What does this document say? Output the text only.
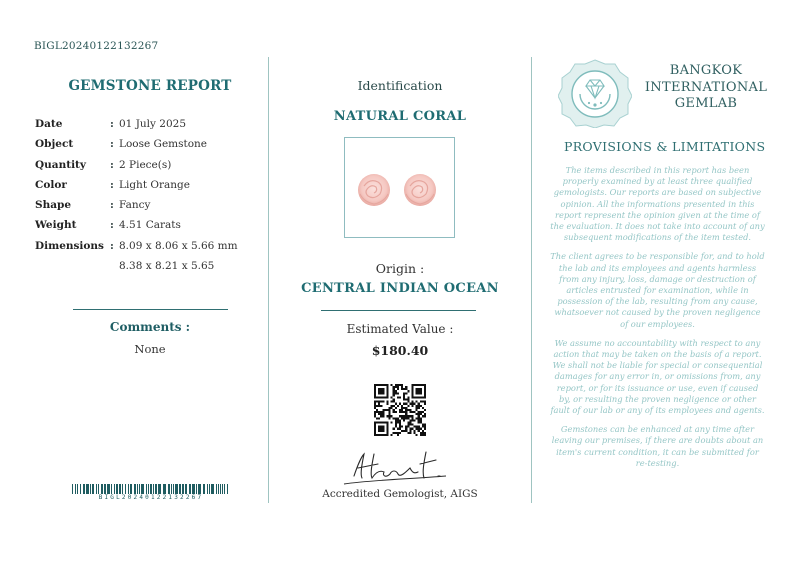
BIGL20240122132267
GEMSTONE REPORT
Date	: 01 July 2025
Object	: Loose Gemstone
Quantity : 2 Piece(s)
Color	: Light Orange
Shape	: Fancy
Weight	: 4.51 Carats
Dimensions : 8.09 x 8.06 x 5.66 mm
8.38 x 8.21 x 5.65
Comments :
None
BIGL20240122132267
Identification
NATURAL CORAL
Origin :
CENTRAL INDIAN OCEAN
Estimated Value :
$180.40
Accredited Gemologist, AIGS
BANGKOK
INTERNATIONAL
GEMLAB
PROVISIONS & LIMITATIONS

The items described in this report has been properly examined by at least three qualified gemologists. Our reports are based on subjective opinion. All the informations presented in this report represent the opinion given at the time of the evaluation. It does not take into account of any subsequent modifications of the item tested.

The client agrees to be responsible for, and to hold the lab and its employees and agents harmless from any injury, loss, damage or destruction of articles entrusted for examination, while in possession of the lab, resulting from any cause, whatsoever not caused by the proven negligence of our employees.

We assume no accountability with respect to any action that may be taken on the basis of a report. We shall not be liable for special or consequential damages for any error in, or omissions from, any report, or for its issuance or use, even if caused by, or resulting the proven negligence or other fault of our lab or any of its employees and agents.

Gemstones can be enhanced at any time after leaving our premises, if there are doubts about an item's current condition, it can be submitted for re-testing.
